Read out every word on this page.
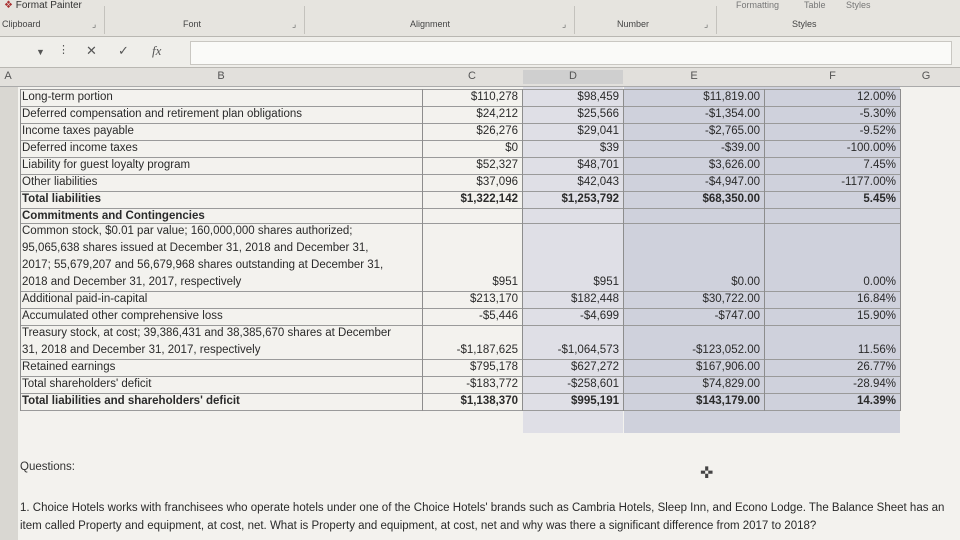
❖ Format Painter
Clipboard	⌟	Font	⌟	Alignment	⌟	Number	⌟
Formatting	Table Styles
Styles
▼ ⋮ ✕ ✓ fx
A	B	C	D	E	F	G
Long-term portion	$110,278	$98,459	$11,819.00	12.00%
Deferred compensation and retirement plan obligations	$24,212	$25,566	-$1,354.00	-5.30%
Income taxes payable	$26,276	$29,041	-$2,765.00	-9.52%
Deferred income taxes	$0	$39	-$39.00	-100.00%
Liability for guest loyalty program	$52,327	$48,701	$3,626.00	7.45%
Other liabilities	$37,096	$42,043	-$4,947.00	-1177.00%
Total liabilities	$1,322,142	$1,253,792	$68,350.00	5.45%
Commitments and Contingencies
Common stock, $0.01 par value; 160,000,000 shares authorized;
95,065,638 shares issued at December 31, 2018 and December 31,
2017; 55,679,207 and 56,679,968 shares outstanding at December 31,
2018 and December 31, 2017, respectively	$951	$951	$0.00	0.00%
Additional paid-in-capital	$213,170	$182,448	$30,722.00	16.84%
Accumulated other comprehensive loss	-$5,446	-$4,699	-$747.00	15.90%
Treasury stock, at cost; 39,386,431 and 38,385,670 shares at December
31, 2018 and December 31, 2017, respectively	-$1,187,625	-$1,064,573	-$123,052.00	11.56%
Retained earnings	$795,178	$627,272	$167,906.00	26.77%
Total shareholders' deficit	-$183,772	-$258,601	$74,829.00	-28.94%
Total liabilities and shareholders' deficit	$1,138,370	$995,191	$143,179.00	14.39%
Questions:	✜
1. Choice Hotels works with franchisees who operate hotels under one of the Choice Hotels' brands such as Cambria Hotels, Sleep Inn, and Econo Lodge. The Balance Sheet has an item called Property and equipment, at cost, net. What is Property and equipment, at cost, net and why was there a significant difference from 2017 to 2018?
